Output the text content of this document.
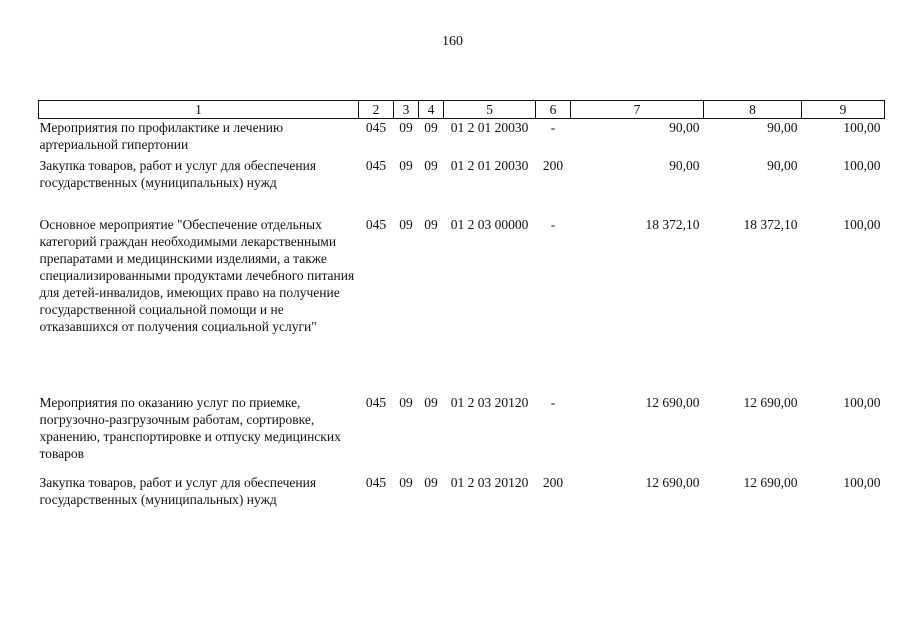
160
1	2	3	4	5	6	7	8	9
Мероприятия по профилактике и лечению артериальной гипертонии	045	09	09	01 2 01 20030	-	90,00	90,00	100,00
Закупка товаров, работ и услуг для обеспечения государственных (муниципальных) нужд	045	09	09	01 2 01 20030	200	90,00	90,00	100,00
Основное мероприятие "Обеспечение отдельных категорий граждан необходимыми лекарственными препаратами и медицинскими изделиями, а также специализированными продуктами лечебного питания для детей-инвалидов, имеющих право на получение государственной социальной помощи и не отказавшихся от получения социальной услуги"	045	09	09	01 2 03 00000	-	18 372,10	18 372,10	100,00
Мероприятия по оказанию услуг по приемке, погрузочно-разгрузочным работам, сортировке, хранению, транспортировке и отпуску медицинских товаров	045	09	09	01 2 03 20120	-	12 690,00	12 690,00	100,00
Закупка товаров, работ и услуг для обеспечения государственных (муниципальных) нужд	045	09	09	01 2 03 20120	200	12 690,00	12 690,00	100,00
